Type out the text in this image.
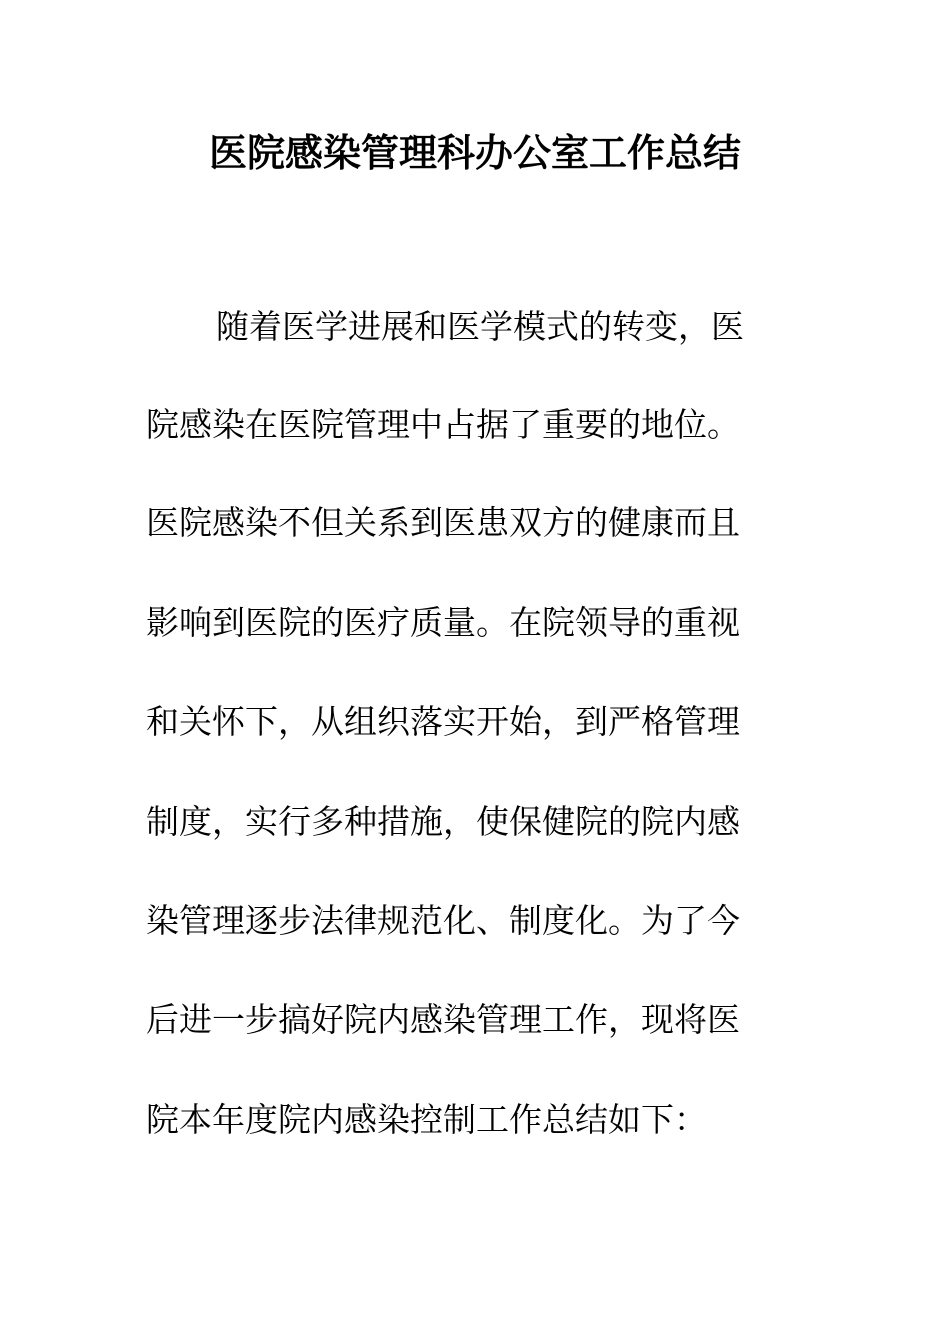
医院感染管理科办公室工作总结
随着医学进展和医学模式的转变，医
院感染在医院管理中占据了重要的地位。
医院感染不但关系到医患双方的健康而且
影响到医院的医疗质量。在院领导的重视
和关怀下，从组织落实开始，到严格管理
制度，实行多种措施，使保健院的院内感
染管理逐步法律规范化、制度化。为了今
后进一步搞好院内感染管理工作，现将医
院本年度院内感染控制工作总结如下：
